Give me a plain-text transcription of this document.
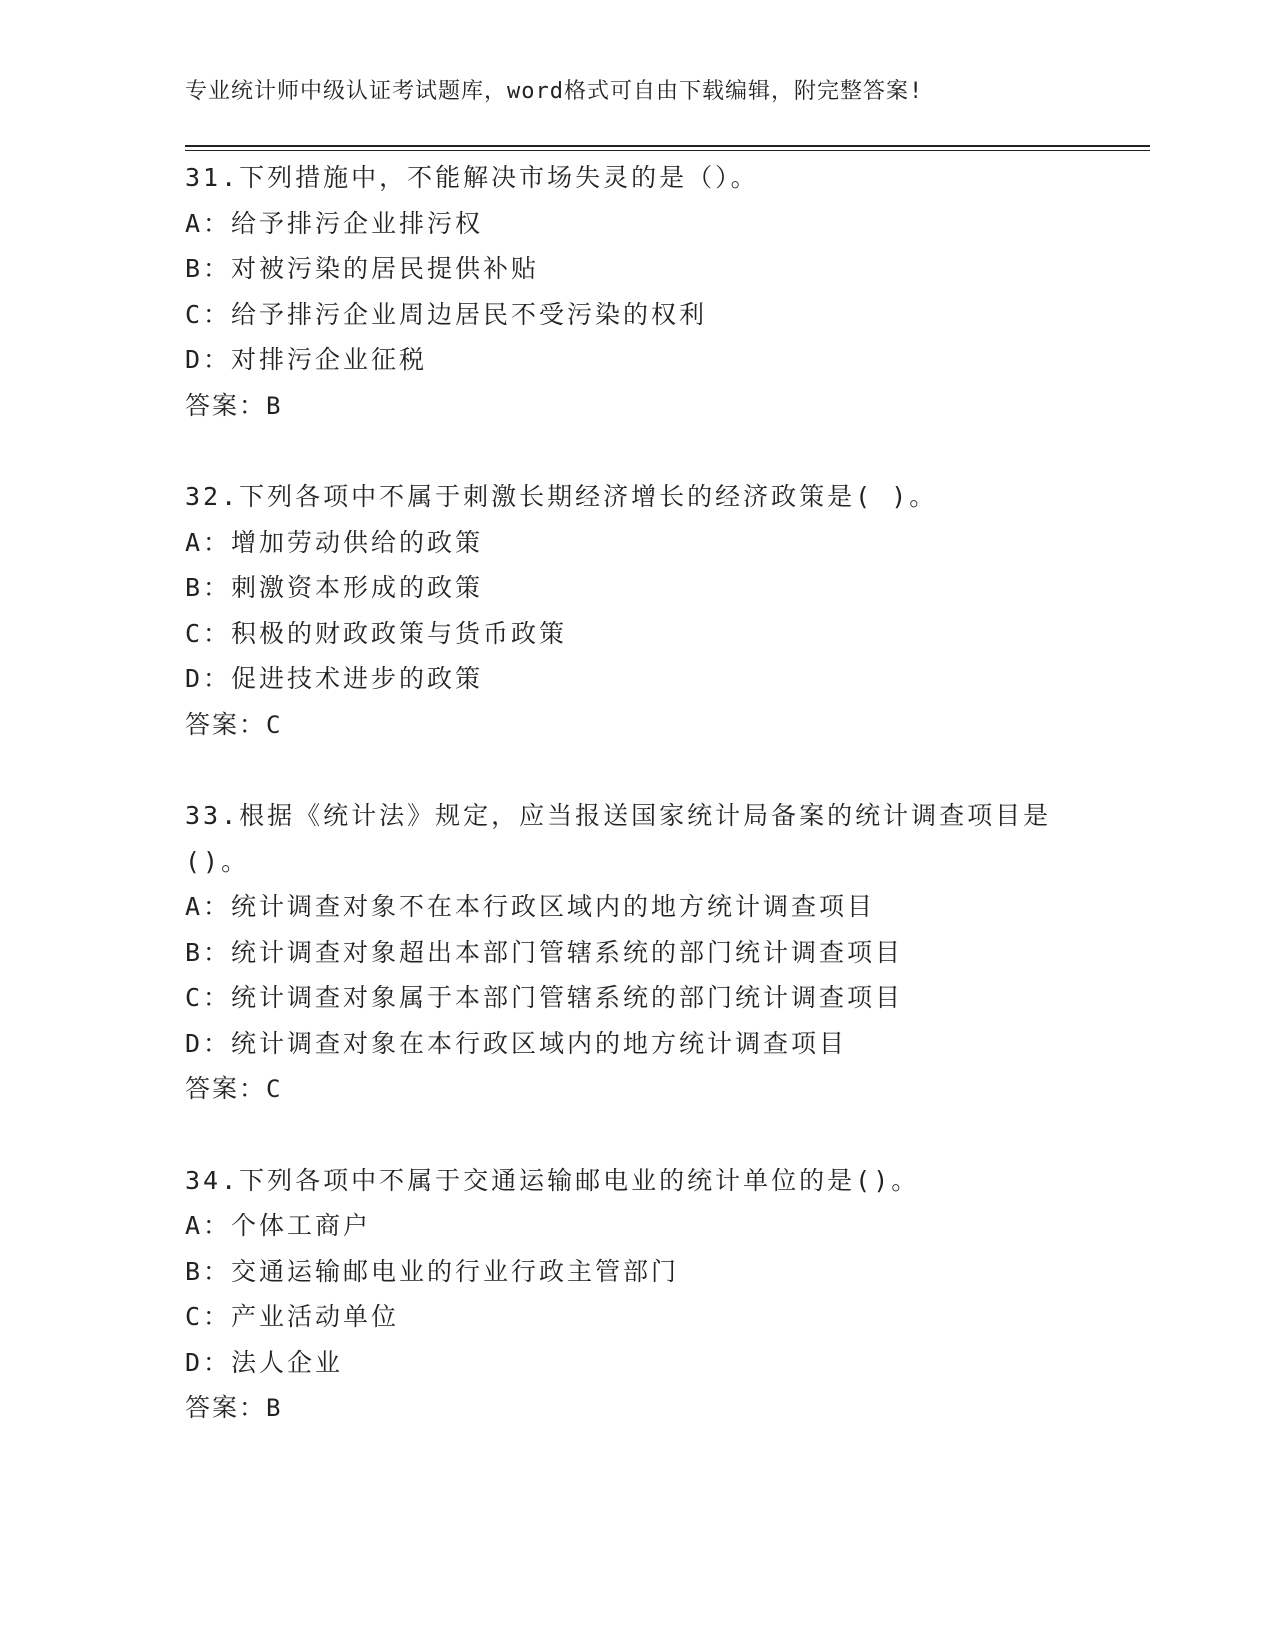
专业统计师中级认证考试题库，word格式可自由下载编辑，附完整答案!
31.下列措施中，不能解决市场失灵的是（）。
A：给予排污企业排污权
B：对被污染的居民提供补贴
C：给予排污企业周边居民不受污染的权利
D：对排污企业征税
答案：B
32.下列各项中不属于刺激长期经济增长的经济政策是( )。
A：增加劳动供给的政策
B：刺激资本形成的政策
C：积极的财政政策与货币政策
D：促进技术进步的政策
答案：C
33.根据《统计法》规定，应当报送国家统计局备案的统计调查项目是()。
A：统计调查对象不在本行政区域内的地方统计调查项目
B：统计调查对象超出本部门管辖系统的部门统计调查项目
C：统计调查对象属于本部门管辖系统的部门统计调查项目
D：统计调查对象在本行政区域内的地方统计调查项目
答案：C
34.下列各项中不属于交通运输邮电业的统计单位的是()。
A：个体工商户
B：交通运输邮电业的行业行政主管部门
C：产业活动单位
D：法人企业
答案：B
